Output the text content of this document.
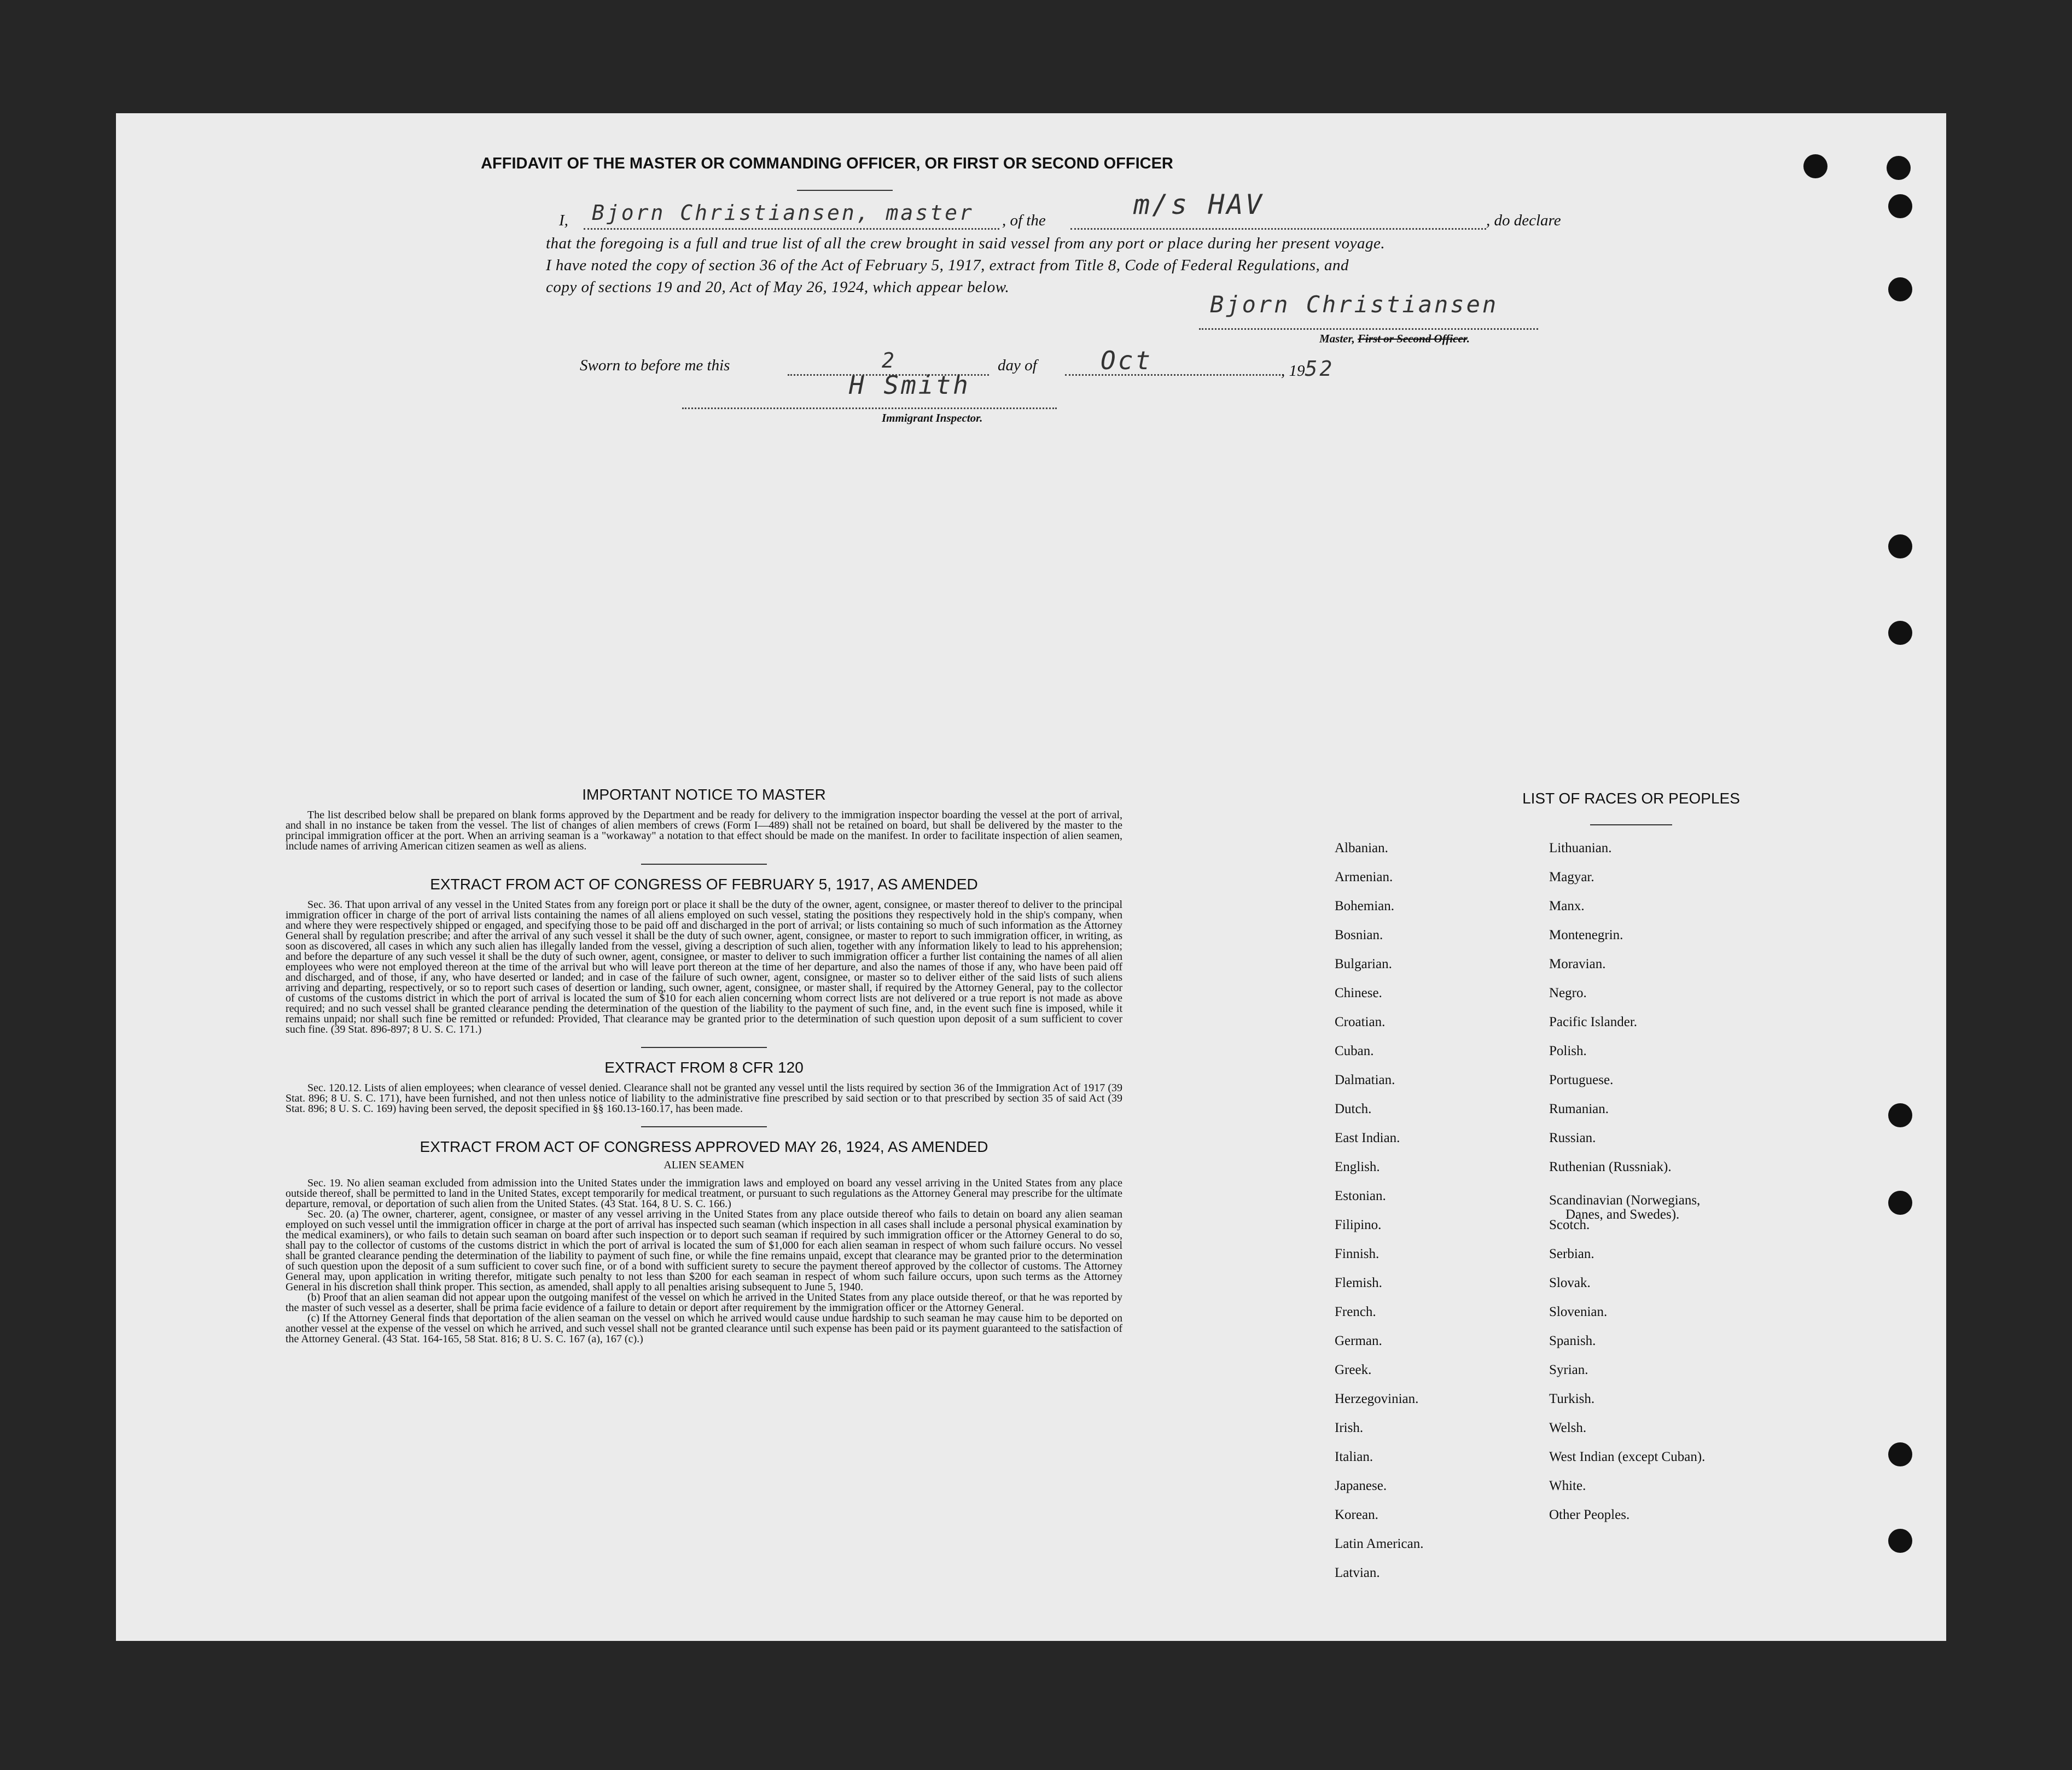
AFFIDAVIT OF THE MASTER OR COMMANDING OFFICER, OR FIRST OR SECOND OFFICER
I, Bjorn Christiansen, master , of the	m/s HAV	, do declare
that the foregoing is a full and true list of all the crew brought in said vessel from any port or place during her present voyage.
I have noted the copy of section 36 of the Act of February 5, 1917, extract from Title 8, Code of Federal Regulations, and
copy of sections 19 and 20, Act of May 26, 1924, which appear below.
Bjorn Christiansen
Master, First or Second Officer.
Sworn to before me this	2	day of	Oct	, 1952
H Smith
Immigrant Inspector.
IMPORTANT NOTICE TO MASTER
The list described below shall be prepared on blank forms approved by the Department and be ready for delivery to the immigration inspector boarding the vessel at the port of arrival, and shall in no instance be taken from the vessel. The list of changes of alien members of crews (Form I—489) shall not be retained on board, but shall be delivered by the master to the principal immigration officer at the port. When an arriving seaman is a "workaway" a notation to that effect should be made on the manifest. In order to facilitate inspection of alien seamen, include names of arriving American citizen seamen as well as aliens.
EXTRACT FROM ACT OF CONGRESS OF FEBRUARY 5, 1917, AS AMENDED
Sec. 36. That upon arrival of any vessel in the United States from any foreign port or place it shall be the duty of the owner, agent, consignee, or master thereof to deliver to the principal immigration officer in charge of the port of arrival lists containing the names of all aliens employed on such vessel, stating the positions they respectively hold in the ship's company, when and where they were respectively shipped or engaged, and specifying those to be paid off and discharged in the port of arrival; or lists containing so much of such information as the Attorney General shall by regulation prescribe; and after the arrival of any such vessel it shall be the duty of such owner, agent, consignee, or master to report to such immigration officer, in writing, as soon as discovered, all cases in which any such alien has illegally landed from the vessel, giving a description of such alien, together with any information likely to lead to his apprehension; and before the departure of any such vessel it shall be the duty of such owner, agent, consignee, or master to deliver to such immigration officer a further list containing the names of all alien employees who were not employed thereon at the time of the arrival but who will leave port thereon at the time of her departure, and also the names of those if any, who have been paid off and discharged, and of those, if any, who have deserted or landed; and in case of the failure of such owner, agent, consignee, or master so to deliver either of the said lists of such aliens arriving and departing, respectively, or so to report such cases of desertion or landing, such owner, agent, consignee, or master shall, if required by the Attorney General, pay to the collector of customs of the customs district in which the port of arrival is located the sum of $10 for each alien concerning whom correct lists are not delivered or a true report is not made as above required; and no such vessel shall be granted clearance pending the determination of the question of the liability to the payment of such fine, and, in the event such fine is imposed, while it remains unpaid; nor shall such fine be remitted or refunded: Provided, That clearance may be granted prior to the determination of such question upon deposit of a sum sufficient to cover such fine. (39 Stat. 896-897; 8 U. S. C. 171.)
EXTRACT FROM 8 CFR 120
Sec. 120.12. Lists of alien employees; when clearance of vessel denied. Clearance shall not be granted any vessel until the lists required by section 36 of the Immigration Act of 1917 (39 Stat. 896; 8 U. S. C. 171), have been furnished, and not then unless notice of liability to the administrative fine prescribed by said section or to that prescribed by section 35 of said Act (39 Stat. 896; 8 U. S. C. 169) having been served, the deposit specified in §§ 160.13-160.17, has been made.
EXTRACT FROM ACT OF CONGRESS APPROVED MAY 26, 1924, AS AMENDED
ALIEN SEAMEN
Sec. 19. No alien seaman excluded from admission into the United States under the immigration laws and employed on board any vessel arriving in the United States from any place outside thereof, shall be permitted to land in the United States, except temporarily for medical treatment, or pursuant to such regulations as the Attorney General may prescribe for the ultimate departure, removal, or deportation of such alien from the United States. (43 Stat. 164, 8 U. S. C. 166.)
Sec. 20. (a) The owner, charterer, agent, consignee, or master of any vessel arriving in the United States from any place outside thereof who fails to detain on board any alien seaman employed on such vessel until the immigration officer in charge at the port of arrival has inspected such seaman (which inspection in all cases shall include a personal physical examination by the medical examiners), or who fails to detain such seaman on board after such inspection or to deport such seaman if required by such immigration officer or the Attorney General to do so, shall pay to the collector of customs of the customs district in which the port of arrival is located the sum of $1,000 for each alien seaman in respect of whom such failure occurs. No vessel shall be granted clearance pending the determination of the liability to payment of such fine, or while the fine remains unpaid, except that clearance may be granted prior to the determination of such question upon the deposit of a sum sufficient to cover such fine, or of a bond with sufficient surety to secure the payment thereof approved by the collector of customs. The Attorney General may, upon application in writing therefor, mitigate such penalty to not less than $200 for each seaman in respect of whom such failure occurs, upon such terms as the Attorney General in his discretion shall think proper. This section, as amended, shall apply to all penalties arising subsequent to June 5, 1940.
(b) Proof that an alien seaman did not appear upon the outgoing manifest of the vessel on which he arrived in the United States from any place outside thereof, or that he was reported by the master of such vessel as a deserter, shall be prima facie evidence of a failure to detain or deport after requirement by the immigration officer or the Attorney General.
(c) If the Attorney General finds that deportation of the alien seaman on the vessel on which he arrived would cause undue hardship to such seaman he may cause him to be deported on another vessel at the expense of the vessel on which he arrived, and such vessel shall not be granted clearance until such expense has been paid or its payment guaranteed to the satisfaction of the Attorney General. (43 Stat. 164-165, 58 Stat. 816; 8 U. S. C. 167 (a), 167 (c).)
LIST OF RACES OR PEOPLES
Albanian.
Armenian.
Bohemian.
Bosnian.
Bulgarian.
Chinese.
Croatian.
Cuban.
Dalmatian.
Dutch.
East Indian.
English.
Estonian.
Filipino.
Finnish.
Flemish.
French.
German.
Greek.
Herzegovinian.
Irish.
Italian.
Japanese.
Korean.
Latin American.
Latvian.
Lithuanian.
Magyar.
Manx.
Montenegrin.
Moravian.
Negro.
Pacific Islander.
Polish.
Portuguese.
Rumanian.
Russian.
Ruthenian (Russniak).
Scandinavian (Norwegians,
Danes, and Swedes).
Scotch.
Serbian.
Slovak.
Slovenian.
Spanish.
Syrian.
Turkish.
Welsh.
West Indian (except Cuban).
White.
Other Peoples.
